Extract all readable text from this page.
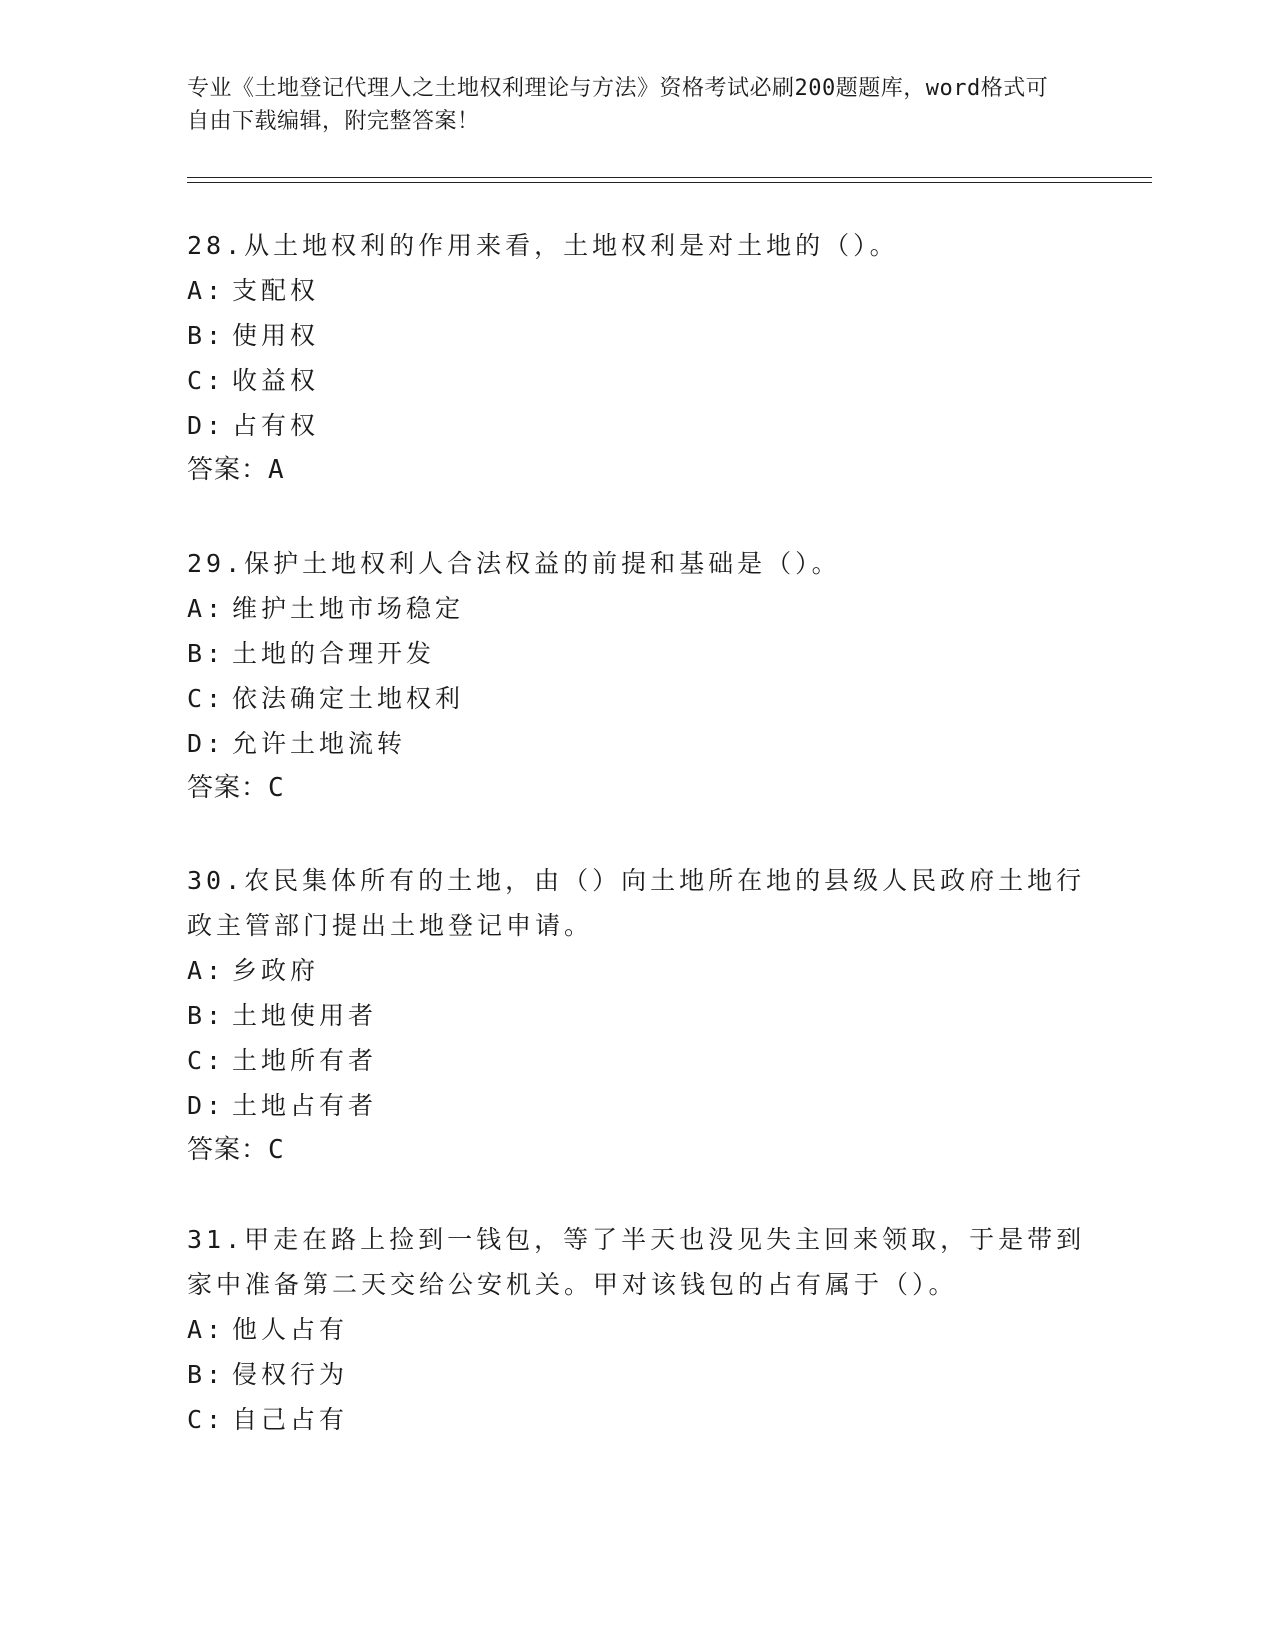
专业《土地登记代理人之土地权利理论与方法》资格考试必刷200题题库，word格式可自由下载编辑，附完整答案！

28.从土地权利的作用来看，土地权利是对土地的（）。

A: 支配权

B: 使用权

C: 收益权

D: 占有权

答案：A

29.保护土地权利人合法权益的前提和基础是（）。

A: 维护土地市场稳定

B: 土地的合理开发

C: 依法确定土地权利

D: 允许土地流转

答案：C

30.农民集体所有的土地，由（）向土地所在地的县级人民政府土地行政主管部门提出土地登记申请。

A: 乡政府

B: 土地使用者

C: 土地所有者

D: 土地占有者

答案：C

31.甲走在路上捡到一钱包，等了半天也没见失主回来领取，于是带到家中准备第二天交给公安机关。甲对该钱包的占有属于（）。

A: 他人占有

B: 侵权行为

C: 自己占有
